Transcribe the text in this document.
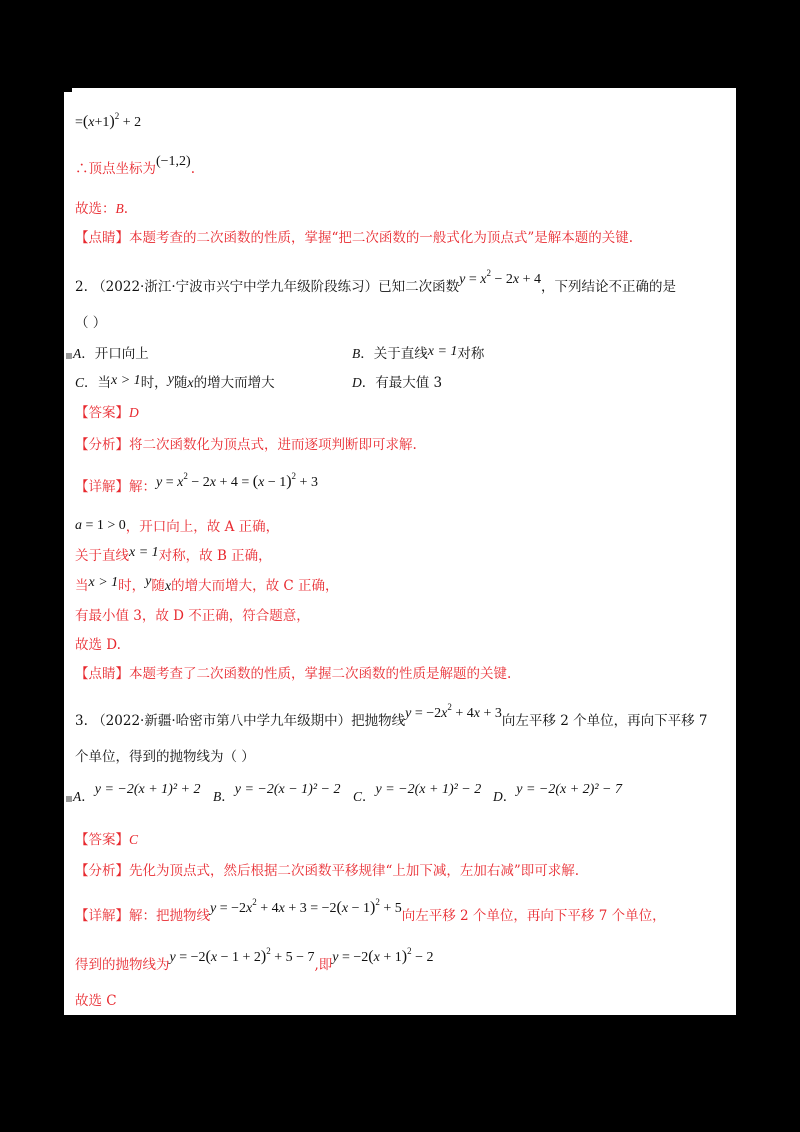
$=(x+1)^2 + 2$
∴顶点坐标为(−1,2).
故选：B.
【点睛】本题考查的二次函数的性质，掌握“把二次函数的一般式化为顶点式”是解本题的关键.
2. （2022·浙江·宁波市兴宁中学九年级阶段练习）已知二次函数$y = x^2 - 2x + 4$，下列结论不正确的是
（ ）
A．开口向上	B．关于直线x = 1对称
C．当x > 1时，y随x的增大而增大	D．有最大值 3
【答案】D
【分析】将二次函数化为顶点式，进而逐项判断即可求解.
【详解】解：$y = x^2 - 2x + 4 = (x - 1)^2 + 3$
a = 1 > 0，开口向上，故 A 正确，
关于直线x = 1对称，故 B 正确，
当x > 1时，y随x的增大而增大，故 C 正确，
有最小值 3，故 D 不正确，符合题意，
故选 D.
【点睛】本题考查了二次函数的性质，掌握二次函数的性质是解题的关键.
3. （2022·新疆·哈密市第八中学九年级期中）把抛物线$y = -2x^2 + 4x + 3$向左平移 2 个单位，再向下平移 7
个单位，得到的抛物线为（ ）
A．y = −2(x + 1)² + 2 B．y = −2(x − 1)² − 2 C．y = −2(x + 1)² − 2 D．y = −2(x + 2)² − 7
【答案】C
【分析】先化为顶点式，然后根据二次函数平移规律“上加下减，左加右减”即可求解.
【详解】解：把抛物线$y = -2x^2 + 4x + 3 = -2(x - 1)^2 + 5$向左平移 2 个单位，再向下平移 7 个单位，
得到的抛物线为$y = -2(x - 1 + 2)^2 + 5 - 7$,即$y = -2(x + 1)^2 - 2$
故选 C
